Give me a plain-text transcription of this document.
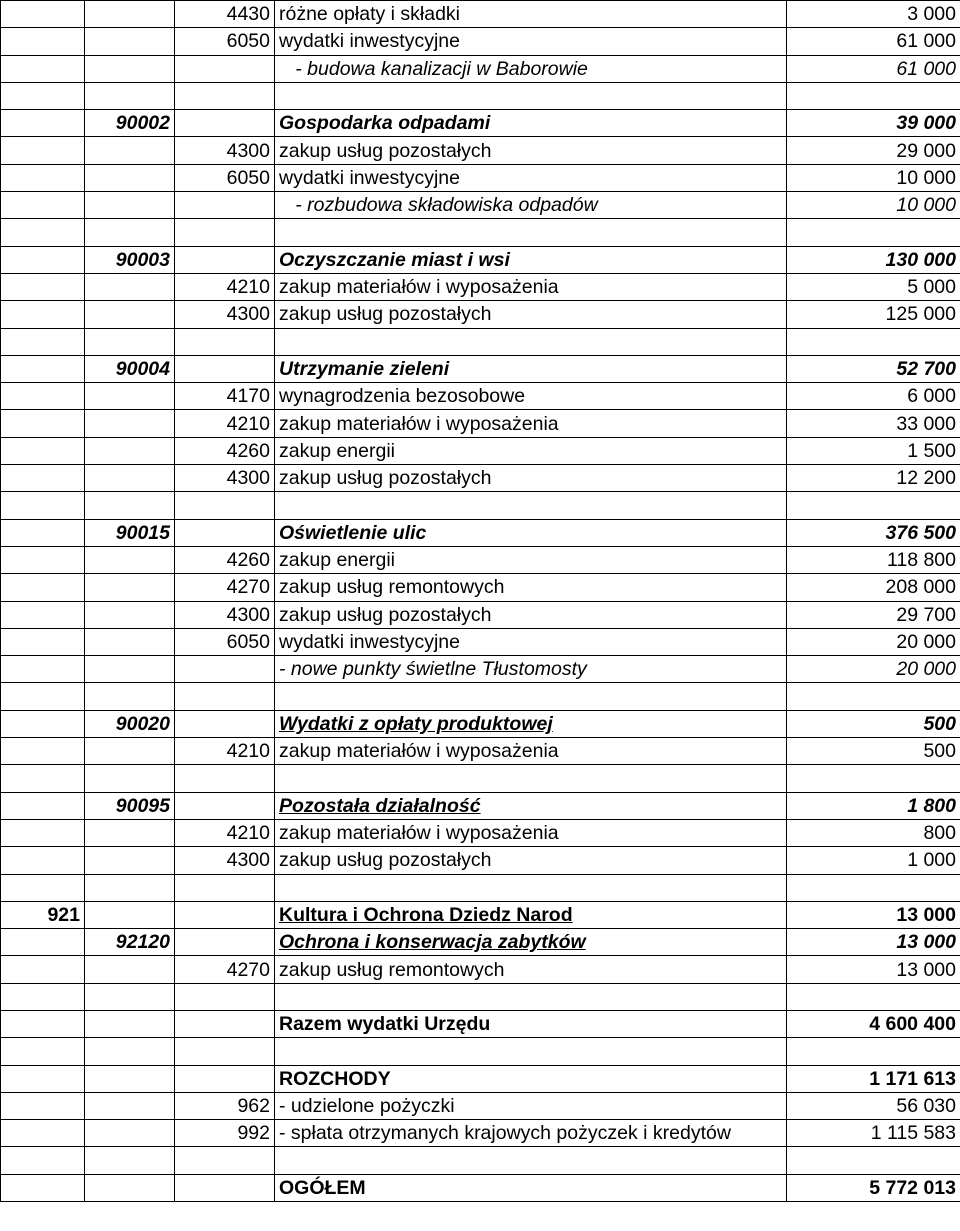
		4430	różne opłaty i składki	3 000
		6050	wydatki inwestycyjne	61 000
			- budowa kanalizacji w Baborowie	61 000

	90002		Gospodarka odpadami	39 000
		4300	zakup usług pozostałych	29 000
		6050	wydatki inwestycyjne	10 000
			- rozbudowa składowiska odpadów	10 000

	90003		Oczyszczanie miast i wsi	130 000
		4210	zakup materiałów i wyposażenia	5 000
		4300	zakup usług pozostałych	125 000

	90004		Utrzymanie zieleni	52 700
		4170	wynagrodzenia bezosobowe	6 000
		4210	zakup materiałów i wyposażenia	33 000
		4260	zakup energii	1 500
		4300	zakup usług pozostałych	12 200

	90015		Oświetlenie ulic	376 500
		4260	zakup energii	118 800
		4270	zakup usług remontowych	208 000
		4300	zakup usług pozostałych	29 700
		6050	wydatki inwestycyjne	20 000
			- nowe punkty świetlne Tłustomosty	20 000

	90020		Wydatki z opłaty produktowej	500
		4210	zakup materiałów i wyposażenia	500

	90095		Pozostała działalność	1 800
		4210	zakup materiałów i wyposażenia	800
		4300	zakup usług pozostałych	1 000

921			Kultura i Ochrona Dziedz Narod	13 000
	92120		Ochrona i konserwacja zabytków	13 000
		4270	zakup usług remontowych	13 000

			Razem wydatki Urzędu	4 600 400

			ROZCHODY	1 171 613
		962	- udzielone pożyczki	56 030
		992	- spłata otrzymanych krajowych pożyczek i kredytów	1 115 583

			OGÓŁEM	5 772 013
